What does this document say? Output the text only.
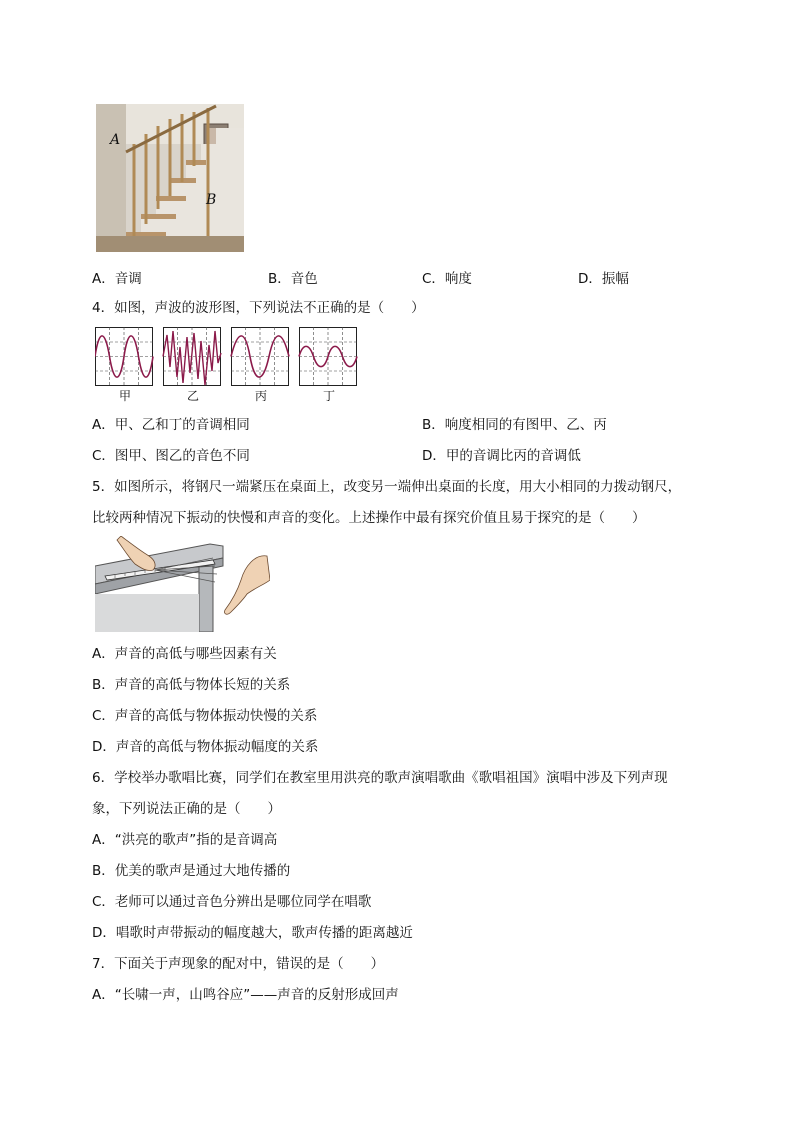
A
B
A．音调	B．音色	C．响度	D．振幅
4．如图，声波的波形图，下列说法不正确的是（　　）
甲	乙	丙	丁
A．甲、乙和丁的音调相同	B．响度相同的有图甲、乙、丙
C．图甲、图乙的音色不同	D．甲的音调比丙的音调低
5．如图所示，将钢尺一端紧压在桌面上，改变另一端伸出桌面的长度，用大小相同的力拨动钢尺，
比较两种情况下振动的快慢和声音的变化。上述操作中最有探究价值且易于探究的是（　　）
A．声音的高低与哪些因素有关
B．声音的高低与物体长短的关系
C．声音的高低与物体振动快慢的关系
D．声音的高低与物体振动幅度的关系
6．学校举办歌唱比赛，同学们在教室里用洪亮的歌声演唱歌曲《歌唱祖国》演唱中涉及下列声现
象，下列说法正确的是（　　）
A．“洪亮的歌声”指的是音调高
B．优美的歌声是通过大地传播的
C．老师可以通过音色分辨出是哪位同学在唱歌
D．唱歌时声带振动的幅度越大，歌声传播的距离越近
7．下面关于声现象的配对中，错误的是（　　）
A．“长啸一声，山鸣谷应”——声音的反射形成回声
